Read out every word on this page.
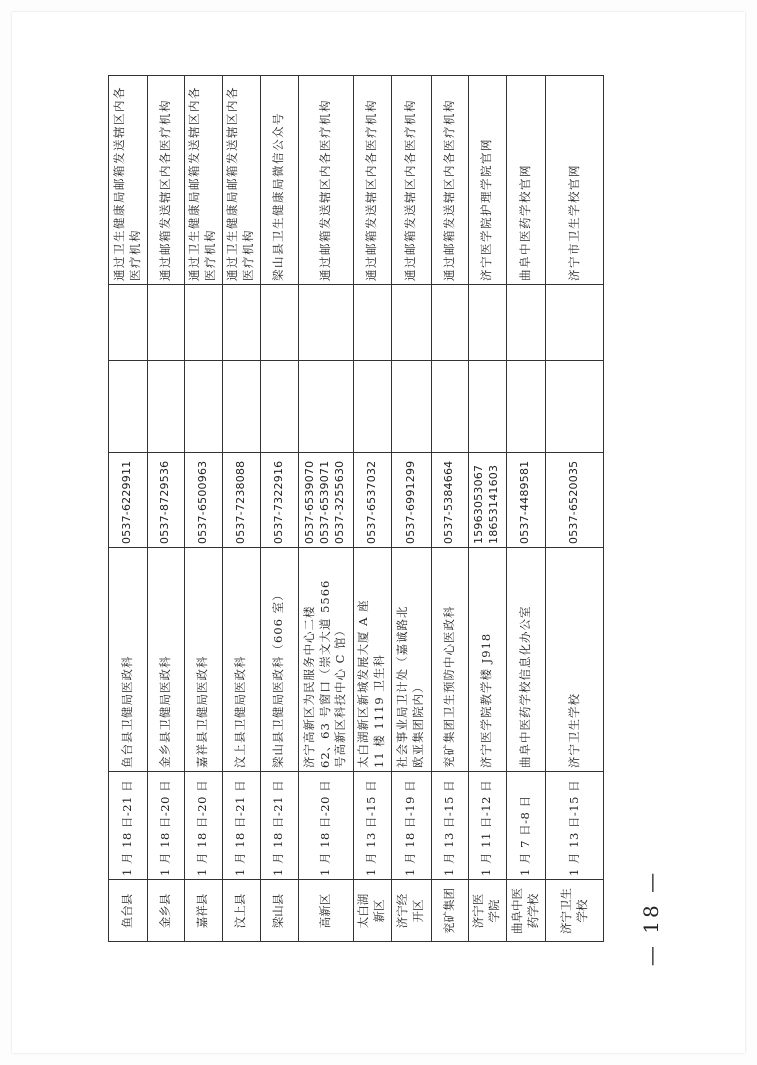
鱼台县
1 月 18 日-21 日
鱼台县卫健局医政科
0537-6229911
通过卫生健康局邮箱发送辖区内各医疗机构
金乡县
1 月 18 日-20 日
金乡县卫健局医政科
0537-8729536
通过邮箱发送辖区内各医疗机构
嘉祥县
1 月 18 日-20 日
嘉祥县卫健局医政科
0537-6500963
通过卫生健康局邮箱发送辖区内各医疗机构
汶上县
1 月 18 日-21 日
汶上县卫健局医政科
0537-7238088
通过卫生健康局邮箱发送辖区内各医疗机构
梁山县
1 月 18 日-21 日
梁山县卫健局医政科（606 室）
0537-7322916
梁山县卫生健康局微信公众号
高新区
1 月 18 日-20 日
济宁高新区为民服务中心二楼
62、63 号窗口（崇文大道 5566
号高新区科技中心 C 馆）
0537-6539070
0537-6539071
0537-3255630
通过邮箱发送辖区内各医疗机构
太白湖
新区
1 月 13 日-15 日
太白湖新区新城发展大厦 A 座
11 楼 1119 卫生科
0537-6537032
通过邮箱发送辖区内各医疗机构
济宁经
开区
1 月 18 日-19 日
社会事业局卫计处（嘉诚路北
欧亚集团院内）
0537-6991299
通过邮箱发送辖区内各医疗机构
兖矿集团
1 月 13 日-15 日
兖矿集团卫生预防中心医政科
0537-5384664
通过邮箱发送辖区内各医疗机构
济宁医
学院
1 月 11 日-12 日
济宁医学院教学楼 J918
15963053067
18653141603
济宁医学院护理学院官网
曲阜中医
药学校
1 月 7 日-8 日
曲阜中医药学校信息化办公室
0537-4489581
曲阜中医药学校官网
济宁卫生
学校
1 月 13 日-15 日
济宁卫生学校
0537-6520035
济宁市卫生学校官网
— 18 —
